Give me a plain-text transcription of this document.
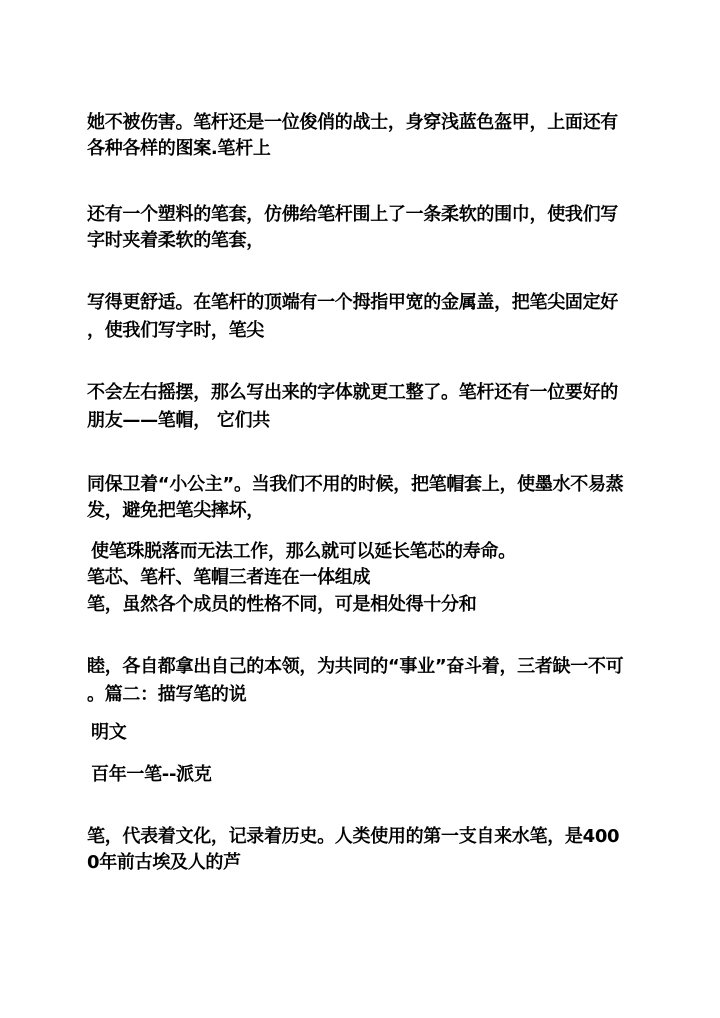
她不被伤害。笔杆还是一位俊俏的战士，身穿浅蓝色盔甲，上面还有

各种各样的图案.笔杆上

还有一个塑料的笔套，仿佛给笔杆围上了一条柔软的围巾，使我们写

字时夹着柔软的笔套，

写得更舒适。在笔杆的顶端有一个拇指甲宽的金属盖，把笔尖固定好

，使我们写字时，笔尖

不会左右摇摆，那么写出来的字体就更工整了。笔杆还有一位要好的

朋友——笔帽， 它们共

同保卫着“小公主”。当我们不用的时候，把笔帽套上，使墨水不易蒸

发，避免把笔尖摔坏，

使笔珠脱落而无法工作，那么就可以延长笔芯的寿命。

笔芯、笔杆、笔帽三者连在一体组成

笔，虽然各个成员的性格不同，可是相处得十分和

睦，各自都拿出自己的本领，为共同的“事业”奋斗着，三者缺一不可

。篇二：描写笔的说

明文

百年一笔--派克

笔，代表着文化，记录着历史。人类使用的第一支自来水笔，是400

0年前古埃及人的芦
